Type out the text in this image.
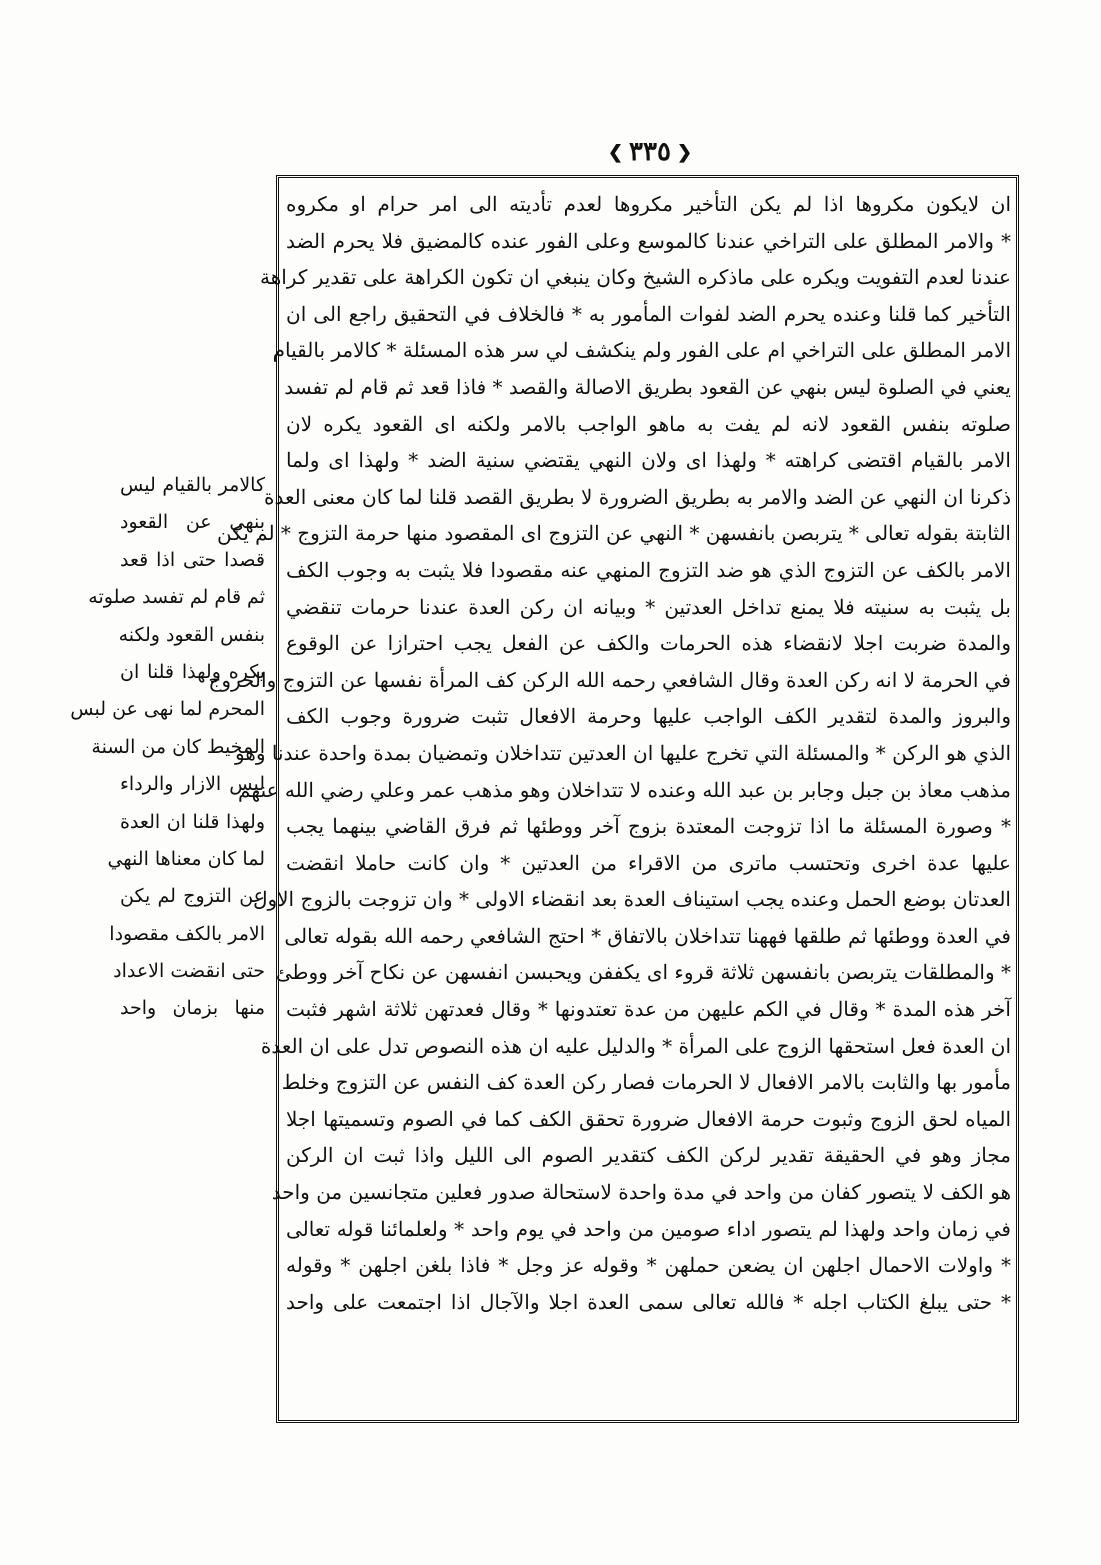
❮
٣٣٥
❯
ان لايكون مكروها اذا لم يكن التأخير مكروها لعدم تأديته الى امر حرام او مكروه
* والامر المطلق على التراخي عندنا كالموسع وعلى الفور عنده كالمضيق فلا يحرم الضد
عندنا لعدم التفويت ويكره على ماذكره الشيخ وكان ينبغي ان تكون الكراهة على تقدير كراهة
التأخير كما قلنا وعنده يحرم الضد لفوات المأمور به * فالخلاف في التحقيق راجع الى ان
الامر المطلق على التراخي ام على الفور ولم ينكشف لي سر هذه المسئلة * كالامر بالقيام
يعني في الصلوة ليس بنهي عن القعود بطريق الاصالة والقصد * فاذا قعد ثم قام لم تفسد
صلوته بنفس القعود لانه لم يفت به ماهو الواجب بالامر ولكنه اى القعود يكره لان
الامر بالقيام اقتضى كراهته * ولهذا اى ولان النهي يقتضي سنية الضد * ولهذا اى ولما
ذكرنا ان النهي عن الضد والامر به بطريق الضرورة لا بطريق القصد قلنا لما كان معنى العدة
الثابتة بقوله تعالى * يتربصن بانفسهن * النهي عن التزوج اى المقصود منها حرمة التزوج * لم يكن
الامر بالكف عن التزوج الذي هو ضد التزوج المنهي عنه مقصودا فلا يثبت به وجوب الكف
بل يثبت به سنيته فلا يمنع تداخل العدتين * وبيانه ان ركن العدة عندنا حرمات تنقضي
والمدة ضربت اجلا لانقضاء هذه الحرمات والكف عن الفعل يجب احترازا عن الوقوع
في الحرمة لا انه ركن العدة وقال الشافعي رحمه الله الركن كف المرأة نفسها عن التزوج والخروج
والبروز والمدة لتقدير الكف الواجب عليها وحرمة الافعال تثبت ضرورة وجوب الكف
الذي هو الركن * والمسئلة التي تخرج عليها ان العدتين تتداخلان وتمضيان بمدة واحدة عندنا وهو
مذهب معاذ بن جبل وجابر بن عبد الله وعنده لا تتداخلان وهو مذهب عمر وعلي رضي الله عنهم
* وصورة المسئلة ما اذا تزوجت المعتدة بزوج آخر ووطئها ثم فرق القاضي بينهما يجب
عليها عدة اخرى وتحتسب ماترى من الاقراء من العدتين * وان كانت حاملا انقضت
العدتان بوضع الحمل وعنده يجب استيناف العدة بعد انقضاء الاولى * وان تزوجت بالزوج الاول
في العدة ووطئها ثم طلقها فههنا تتداخلان بالاتفاق * احتج الشافعي رحمه الله بقوله تعالى
* والمطلقات يتربصن بانفسهن ثلاثة قروء اى يكففن ويحبسن انفسهن عن نكاح آخر ووطئ
آخر هذه المدة * وقال في الكم عليهن من عدة تعتدونها * وقال فعدتهن ثلاثة اشهر فثبت
ان العدة فعل استحقها الزوج على المرأة * والدليل عليه ان هذه النصوص تدل على ان العدة
مأمور بها والثابت بالامر الافعال لا الحرمات فصار ركن العدة كف النفس عن التزوج وخلط
المياه لحق الزوج وثبوت حرمة الافعال ضرورة تحقق الكف كما في الصوم وتسميتها اجلا
مجاز وهو في الحقيقة تقدير لركن الكف كتقدير الصوم الى الليل واذا ثبت ان الركن
هو الكف لا يتصور كفان من واحد في مدة واحدة لاستحالة صدور فعلين متجانسين من واحد
في زمان واحد ولهذا لم يتصور اداء صومين من واحد في يوم واحد * ولعلمائنا قوله تعالى
* واولات الاحمال اجلهن ان يضعن حملهن * وقوله عز وجل * فاذا بلغن اجلهن * وقوله
* حتى يبلغ الكتاب اجله * فالله تعالى سمى العدة اجلا والآجال اذا اجتمعت على واحد
كالامر بالقيام ليس
بنهي عن القعود
قصدا حتى اذا قعد
ثم قام لم تفسد صلوته
بنفس القعود ولكنه
يكره ولهذا قلنا ان
المحرم لما نهى عن لبس
المخيط كان من السنة
لبس الازار والرداء
ولهذا قلنا ان العدة
لما كان معناها النهي
عن التزوج لم يكن
الامر بالكف مقصودا
حتى انقضت الاعداد
منها بزمان واحد
